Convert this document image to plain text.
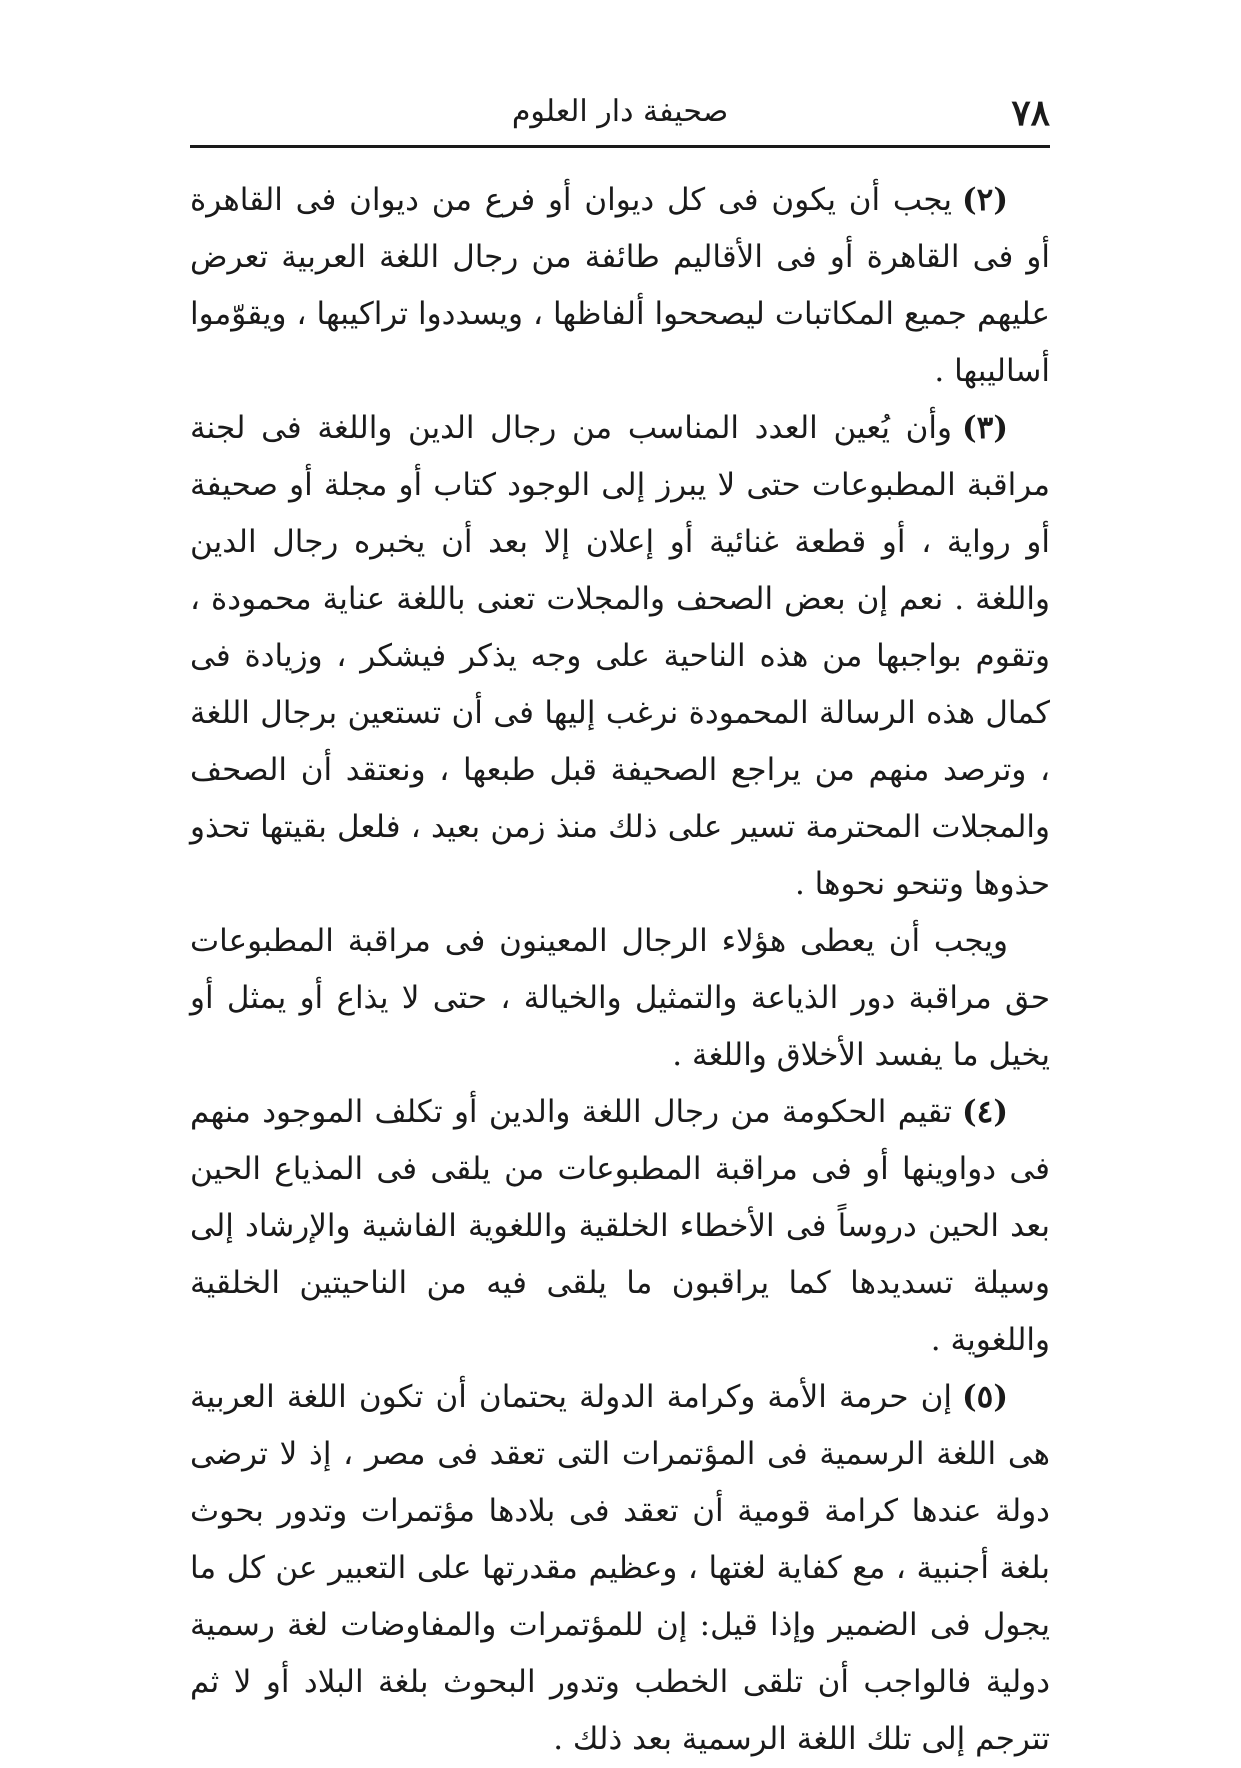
٧٨
صحيفة دار العلوم

(٢)يجب أن يكون فى كل ديوان أو فرع من ديوان فى القاهرة أو فى القاهرة أو فى الأقاليم طائفة من رجال اللغة العربية تعرض عليهم جميع المكاتبات ليصححوا ألفاظها ، ويسددوا تراكيبها ، ويقوّموا أساليبها .

(٣)وأن يُعين العدد المناسب من رجال الدين واللغة فى لجنة مراقبة المطبوعات حتى لا يبرز إلى الوجود كتاب أو مجلة أو صحيفة أو رواية ، أو قطعة غنائية أو إعلان إلا بعد أن يخبره رجال الدين واللغة . نعم إن بعض الصحف والمجلات تعنى باللغة عناية محمودة ، وتقوم بواجبها من هذه الناحية على وجه يذكر فيشكر ، وزيادة فى كمال هذه الرسالة المحمودة نرغب إليها فى أن تستعين برجال اللغة ، وترصد منهم من يراجع الصحيفة قبل طبعها ، ونعتقد أن الصحف والمجلات المحترمة تسير على ذلك منذ زمن بعيد ، فلعل بقيتها تحذو حذوها وتنحو نحوها .

ويجب أن يعطى هؤلاء الرجال المعينون فى مراقبة المطبوعات حق مراقبة دور الذياعة والتمثيل والخيالة ، حتى لا يذاع أو يمثل أو يخيل ما يفسد الأخلاق واللغة .

(٤)تقيم الحكومة من رجال اللغة والدين أو تكلف الموجود منهم فى دواوينها أو فى مراقبة المطبوعات من يلقى فى المذياع الحين بعد الحين دروساً فى الأخطاء الخلقية واللغوية الفاشية والإرشاد إلى وسيلة تسديدها كما يراقبون ما يلقى فيه من الناحيتين الخلقية واللغوية .

(٥)إن حرمة الأمة وكرامة الدولة يحتمان أن تكون اللغة العربية هى اللغة الرسمية فى المؤتمرات التى تعقد فى مصر ، إذ لا ترضى دولة عندها كرامة قومية أن تعقد فى بلادها مؤتمرات وتدور بحوث بلغة أجنبية ، مع كفاية لغتها ، وعظيم مقدرتها على التعبير عن كل ما يجول فى الضمير وإذا قيل: إن للمؤتمرات والمفاوضات لغة رسمية دولية فالواجب أن تلقى الخطب وتدور البحوث بلغة البلاد أو لا ثم تترجم إلى تلك اللغة الرسمية بعد ذلك .
